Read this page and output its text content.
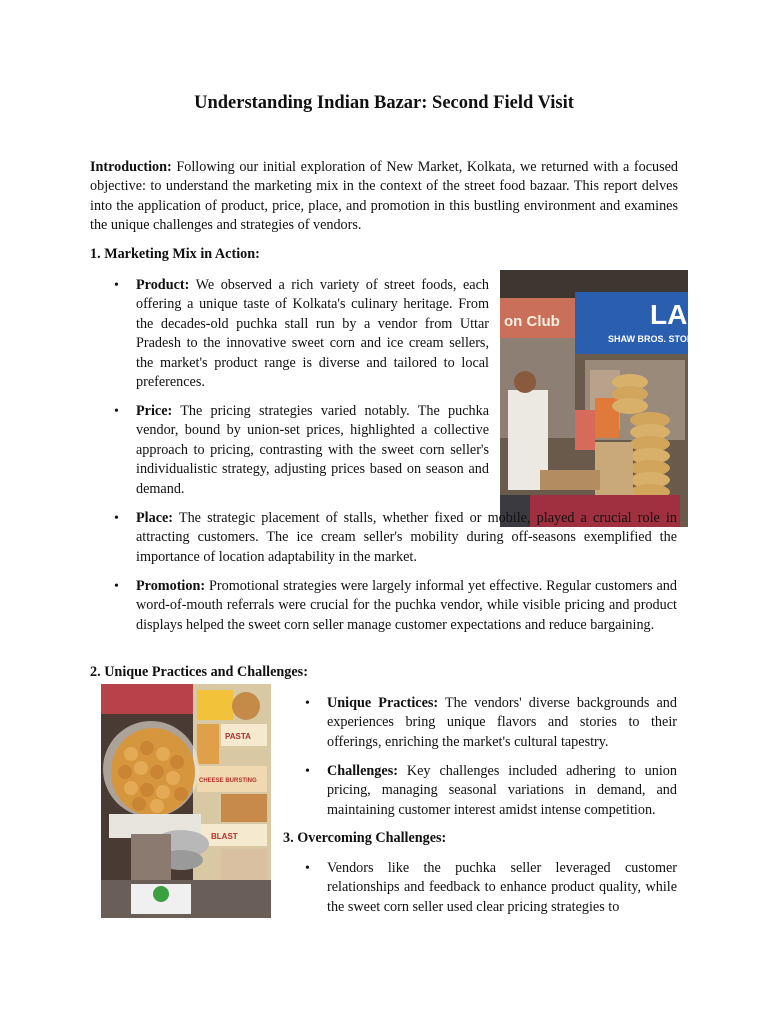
Understanding Indian Bazar: Second Field Visit

Introduction: Following our initial exploration of New Market, Kolkata, we returned with a focused objective: to understand the marketing mix in the context of the street food bazaar. This report delves into the application of product, price, place, and promotion in this bustling environment and examines the unique challenges and strategies of vendors.

1. Marketing Mix in Action:

on Club	LA
SHAW BROS. STORES Pvt L
• Product: We observed a rich variety of street foods, each offering a unique taste of Kolkata's culinary heritage. From the decades-old puchka stall run by a vendor from Uttar Pradesh to the innovative sweet corn and ice cream sellers, the market's product range is diverse and tailored to local preferences.
• Price: The pricing strategies varied notably. The puchka vendor, bound by union-set prices, highlighted a collective approach to pricing, contrasting with the sweet corn seller's individualistic strategy, adjusting prices based on season and demand.
• Place: The strategic placement of stalls, whether fixed or mobile, played a crucial role in attracting customers. The ice cream seller's mobility during off-seasons exemplified the importance of location adaptability in the market.
• Promotion: Promotional strategies were largely informal yet effective. Regular customers and word-of-mouth referrals were crucial for the puchka vendor, while visible pricing and product displays helped the sweet corn seller manage customer expectations and reduce bargaining.

2. Unique Practices and Challenges:

PASTA
CHEESE BURSTING
BLAST
• Unique Practices: The vendors' diverse backgrounds and experiences bring unique flavors and stories to their offerings, enriching the market's cultural tapestry.
• Challenges: Key challenges included adhering to union pricing, managing seasonal variations in demand, and maintaining customer interest amidst intense competition.

3. Overcoming Challenges:

• Vendors like the puchka seller leveraged customer relationships and feedback to enhance product quality, while the sweet corn seller used clear pricing strategies to
